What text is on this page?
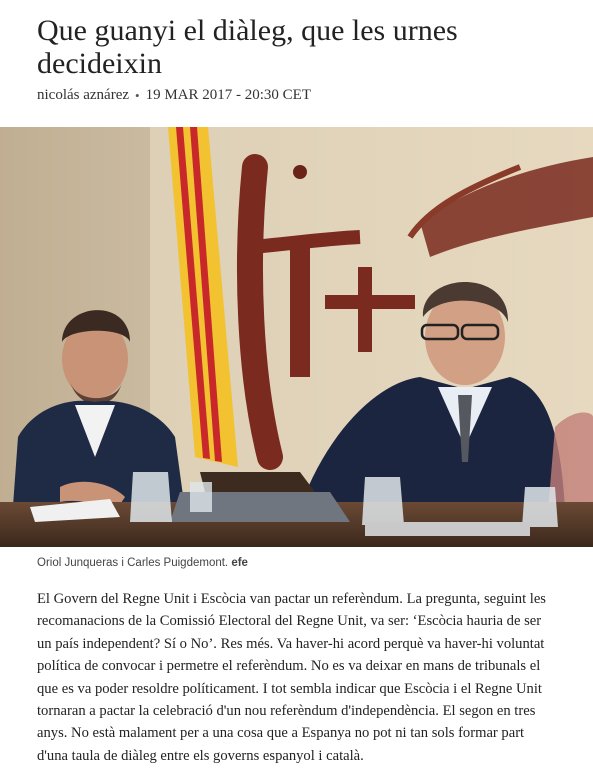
Que guanyi el diàleg, que les urnes decideixin
nicolás aznárez • 19 MAR 2017 - 20:30 CET
Oriol Junqueras i Carles Puigdemont. efe

El Govern del Regne Unit i Escòcia van pactar un referèndum. La pregunta, seguint les recomanacions de la Comissió Electoral del Regne Unit, va ser: ‘Escòcia hauria de ser un país independent? Sí o No’. Res més. Va haver-hi acord perquè va haver-hi voluntat política de convocar i permetre el referèndum. No es va deixar en mans de tribunals el que es va poder resoldre políticament. I tot sembla indicar que Escòcia i el Regne Unit tornaran a pactar la celebració d'un nou referèndum d'independència. El segon en tres anys. No està malament per a una cosa que a Espanya no pot ni tan sols formar part d'una taula de diàleg entre els governs espanyol i català.
